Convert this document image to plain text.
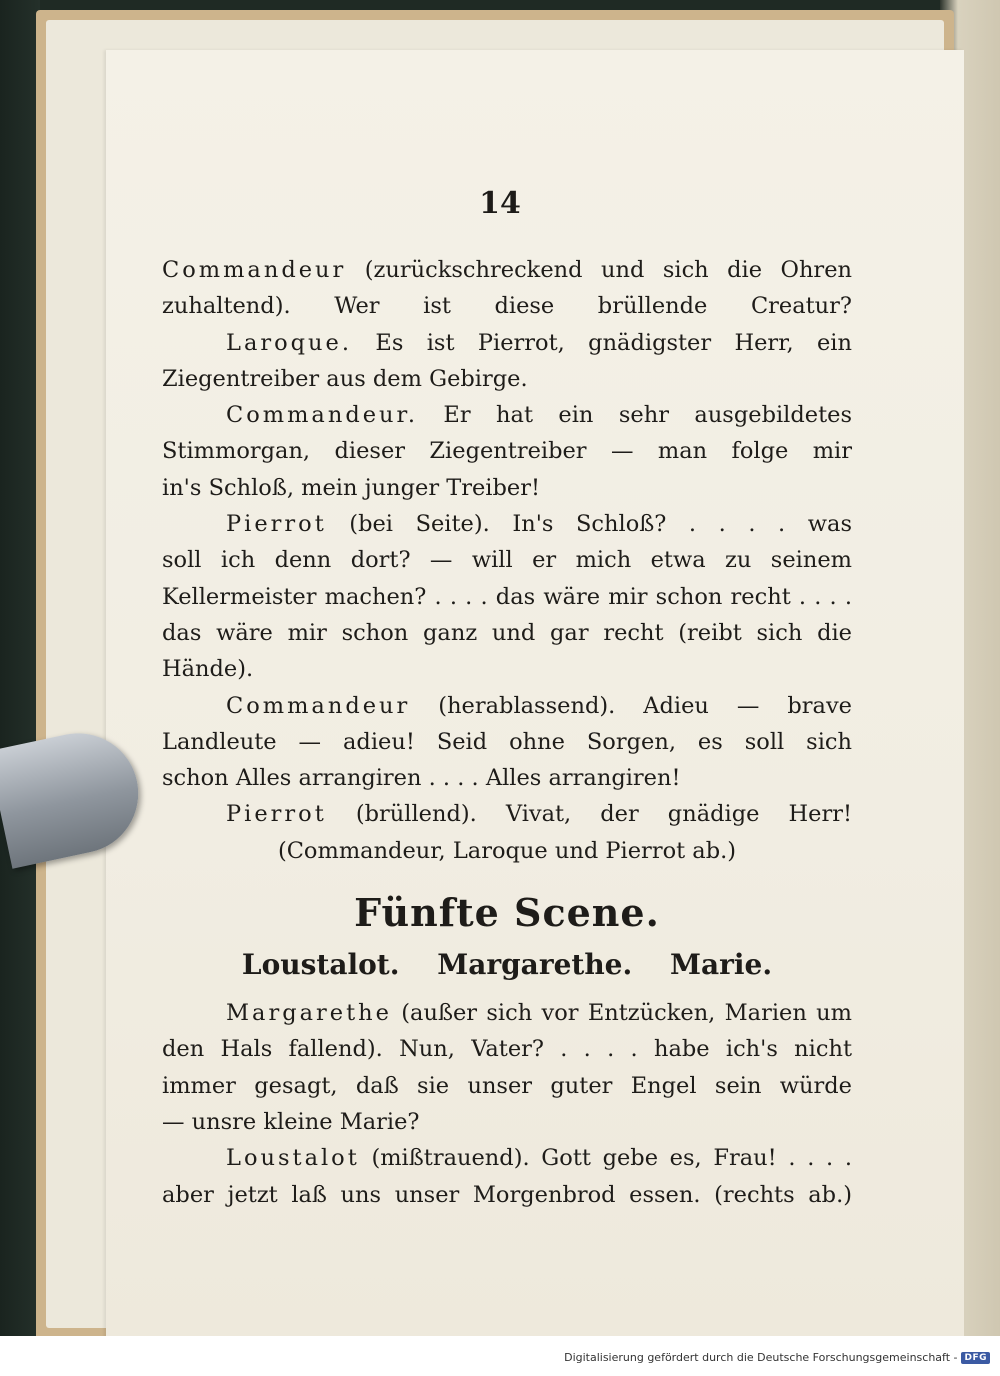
14
Commandeur (zurückschreckend und sich die Ohren
zuhaltend). Wer ist diese brüllende Creatur?
Laroque. Es ist Pierrot, gnädigster Herr, ein
Ziegentreiber aus dem Gebirge.
Commandeur. Er hat ein sehr ausgebildetes
Stimmorgan, dieser Ziegentreiber — man folge mir
in's Schloß, mein junger Treiber!
Pierrot (bei Seite). In's Schloß? . . . . was
soll ich denn dort? — will er mich etwa zu seinem
Kellermeister machen? . . . . das wäre mir schon recht . . . .
das wäre mir schon ganz und gar recht (reibt sich die
Hände).
Commandeur (herablassend). Adieu — brave
Landleute — adieu! Seid ohne Sorgen, es soll sich
schon Alles arrangiren . . . . Alles arrangiren!
Pierrot (brüllend). Vivat, der gnädige Herr!
(Commandeur, Laroque und Pierrot ab.)
Fünfte Scene.
Loustalot. Margarethe. Marie.
Margarethe (außer sich vor Entzücken, Marien um
den Hals fallend). Nun, Vater? . . . . habe ich's nicht
immer gesagt, daß sie unser guter Engel sein würde
— unsre kleine Marie?
Loustalot (mißtrauend). Gott gebe es, Frau! . . . .
aber jetzt laß uns unser Morgenbrod essen. (rechts ab.)
Digitalisierung gefördert durch die Deutsche Forschungsgemeinschaft - DFG
